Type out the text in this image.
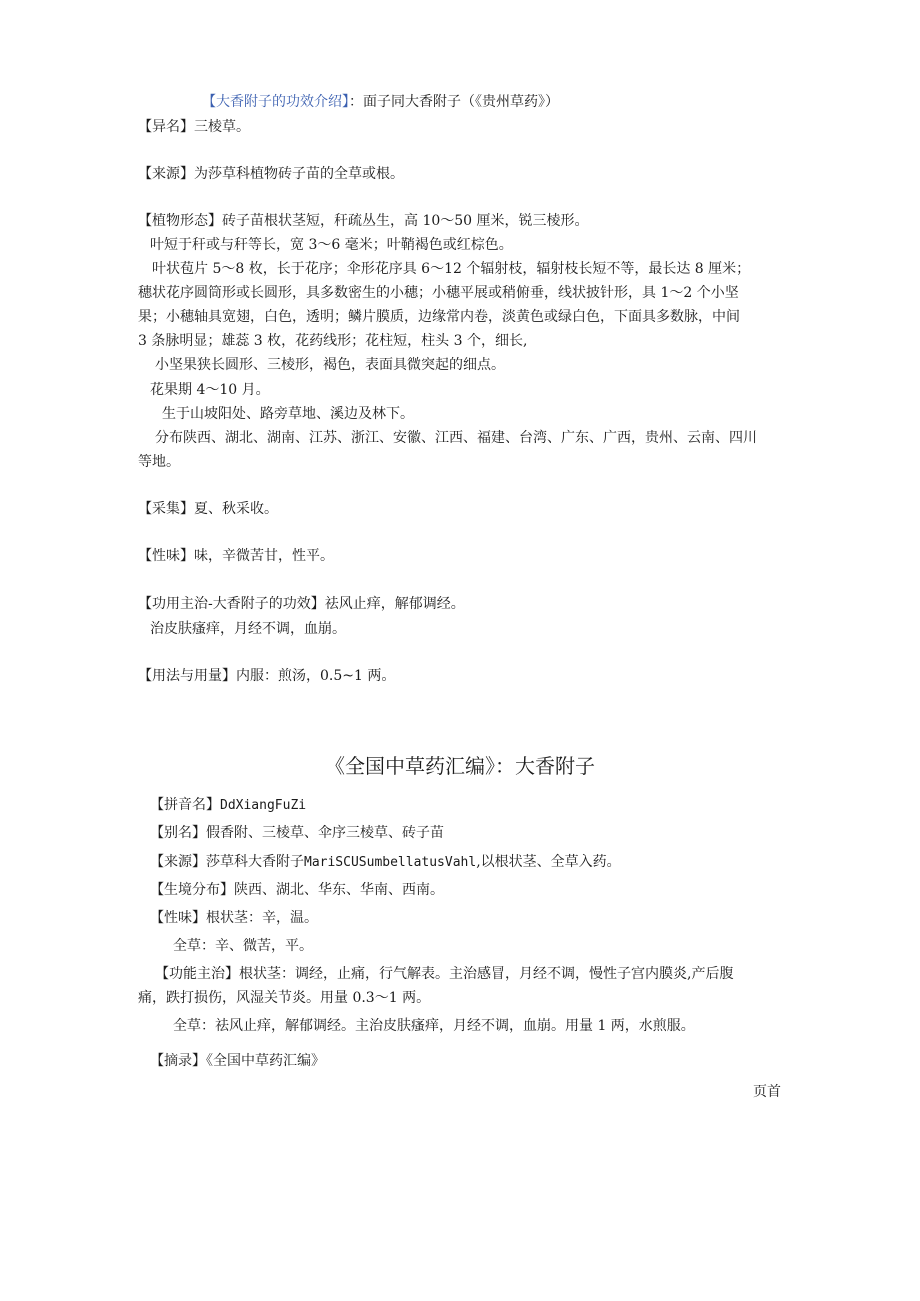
【大香附子的功效介绍】：面子同大香附子（《贵州草药》）
【异名】三棱草。
【来源】为莎草科植物砖子苗的全草或根。
【植物形态】砖子苗根状茎短，秆疏丛生，高 10～50 厘米，锐三棱形。
叶短于秆或与秆等长，宽 3～6 毫米；叶鞘褐色或红棕色。
叶状苞片 5～8 枚，长于花序；伞形花序具 6～12 个辐射枝，辐射枝长短不等，最长达 8 厘米；
穗状花序圆筒形或长圆形，具多数密生的小穗；小穗平展或稍俯垂，线状披针形，具 1～2 个小坚
果；小穗轴具宽翅，白色，透明；鳞片膜质，边缘常内卷，淡黄色或绿白色，下面具多数脉，中间
3 条脉明显；雄蕊 3 枚，花药线形；花柱短，柱头 3 个，细长,
小坚果狭长圆形、三棱形，褐色，表面具微突起的细点。
花果期 4～10 月。
生于山坡阳处、路旁草地、溪边及林下。
分布陕西、湖北、湖南、江苏、浙江、安徽、江西、福建、台湾、广东、广西，贵州、云南、四川
等地。
【采集】夏、秋采收。
【性味】味，辛微苦甘，性平。
【功用主治-大香附子的功效】祛风止痒，解郁调经。
治皮肤瘙痒，月经不调，血崩。
【用法与用量】内服：煎汤，0.5~1 两。
《全国中草药汇编》：大香附子
【拼音名】DdXiangFuZi
【别名】假香附、三棱草、伞序三棱草、砖子苗
【来源】莎草科大香附子MariSCUSumbellatusVahl,以根状茎、全草入药。
【生境分布】陕西、湖北、华东、华南、西南。
【性味】根状茎：辛，温。
全草：辛、微苦，平。
【功能主治】根状茎：调经，止痛，行气解表。主治感冒，月经不调，慢性子宫内膜炎,产后腹
痛，跌打损伤，风湿关节炎。用量 0.3～1 两。
全草：祛风止痒，解郁调经。主治皮肤瘙痒，月经不调，血崩。用量 1 两，水煎服。
【摘录】《全国中草药汇编》
页首
